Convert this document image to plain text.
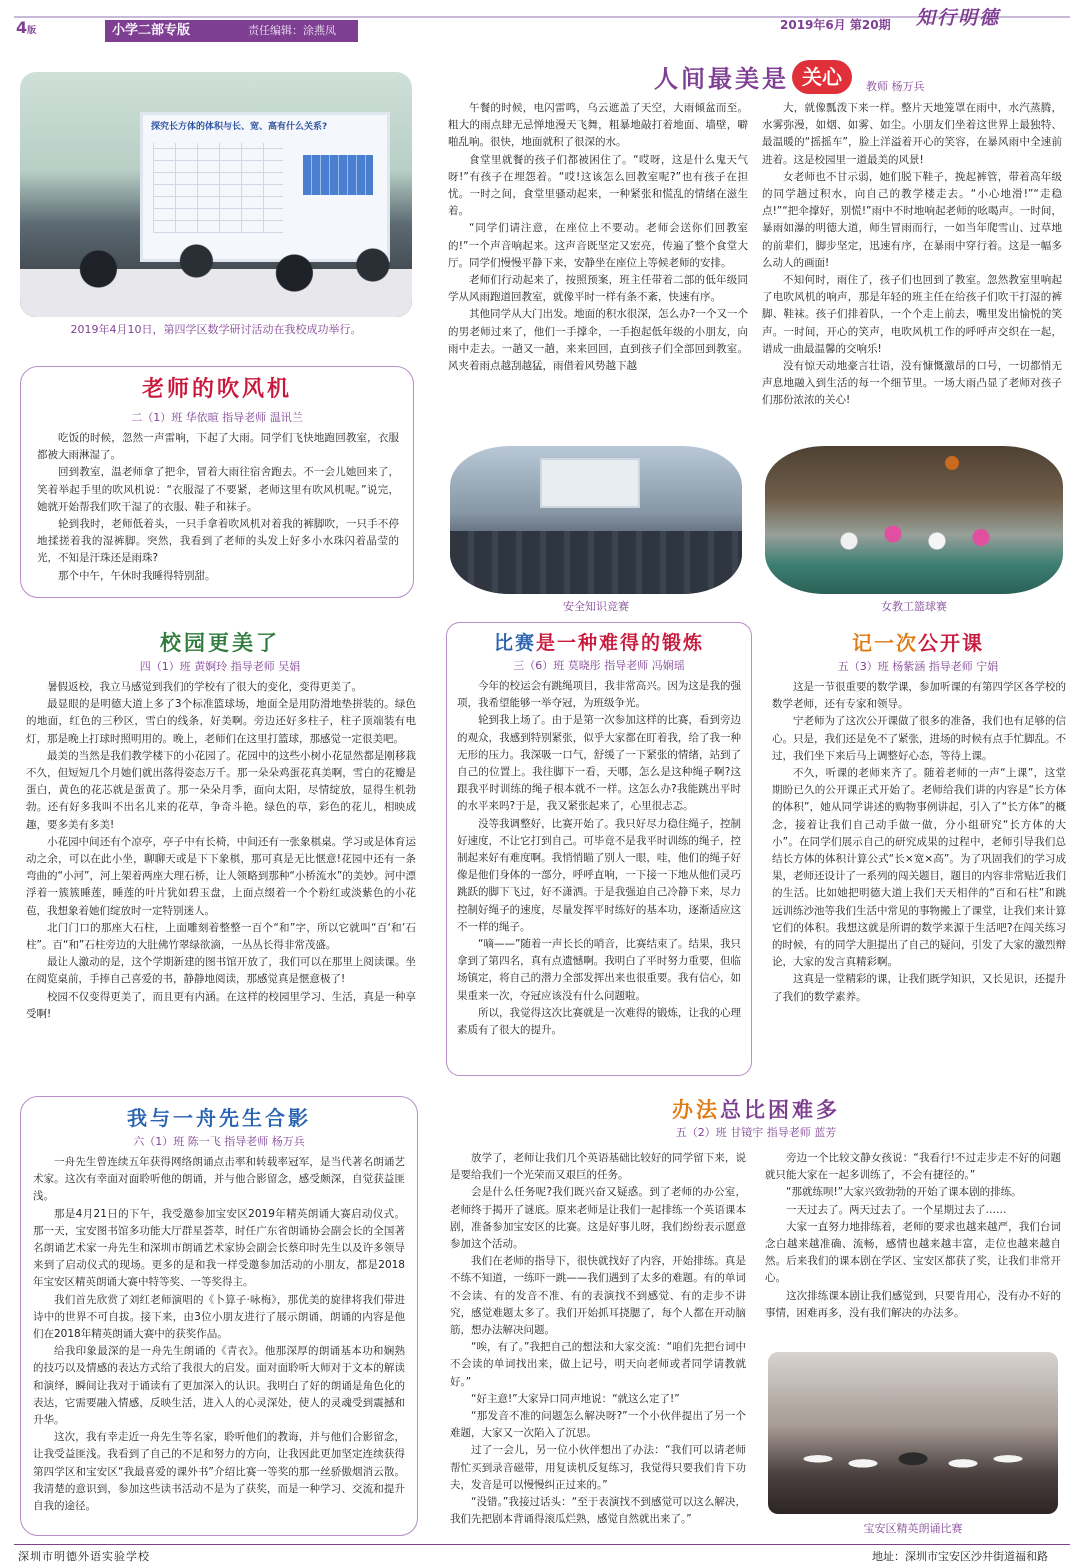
4版	小学二部专版	责任编辑：涂燕凤	2019年6月 第20期 知行明德
探究长方体的体积与长、宽、高有什么关系?
2019年4月10日，第四学区数学研讨活动在我校成功举行。
老师的吹风机
二（1）班 华依暄 指导老师 温讯兰

吃饭的时候，忽然一声雷响，下起了大雨。同学们飞快地跑回教室，衣服都被大雨淋湿了。

回到教室，温老师拿了把伞，冒着大雨往宿舍跑去。不一会儿她回来了，笑着举起手里的吹风机说：“衣服湿了不要紧，老师这里有吹风机呢。”说完，她就开始帮我们吹干湿了的衣服、鞋子和袜子。

轮到我时，老师低着头，一只手拿着吹风机对着我的裤脚吹，一只手不停地揉搓着我的湿裤脚。突然，我看到了老师的头发上好多小水珠闪着晶莹的光，不知是汗珠还是雨珠?

那个中午，午休时我睡得特别甜。

人间最美是 关心	教师 杨万兵

午餐的时候，电闪雷鸣，乌云遮盖了天空，大雨倾盆而至。粗大的雨点肆无忌惮地漫天飞舞，粗暴地敲打着地面、墙壁，噼啪乱响。很快，地面就积了很深的水。

食堂里就餐的孩子们都被困住了。“哎呀，这是什么鬼天气呀!”有孩子在埋怨着。“哎!这该怎么回教室呢?”也有孩子在担忧。一时之间，食堂里骚动起来，一种紧张和慌乱的情绪在滋生着。

“同学们请注意，在座位上不要动。老师会送你们回教室的!”一个声音响起来。这声音既坚定又宏亮，传遍了整个食堂大厅。同学们慢慢平静下来，安静坐在座位上等候老师的安排。

老师们行动起来了，按照预案，班主任带着二部的低年级同学从风雨跑道回教室，就像平时一样有条不紊，快速有序。

其他同学从大门出发。地面的积水很深，怎么办?一个又一个的男老师过来了，他们一手撑伞，一手抱起低年级的小朋友，向雨中走去。一趟又一趟，来来回回，直到孩子们全部回到教室。风夹着雨点越刮越猛，雨借着风势越下越

大，就像瓢泼下来一样。整片天地笼罩在雨中，水汽蒸腾，水雾弥漫，如烟、如雾、如尘。小朋友们坐着这世界上最独特、最温暖的“摇摇车”，脸上洋溢着开心的笑容，在暴风雨中全速前进着。这是校园里一道最美的风景!

女老师也不甘示弱，她们脱下鞋子，挽起裤管，带着高年级的同学趟过积水，向自己的教学楼走去。“小心地滑!”“走稳点!”“把伞撑好，别慌!”雨中不时地响起老师的吆喝声。一时间，暴雨如瀑的明德大道，师生冒雨而行，一如当年爬雪山、过草地的前辈们，脚步坚定，迅速有序，在暴雨中穿行着。这是一幅多么动人的画面!

不知何时，雨住了，孩子们也回到了教室。忽然教室里响起了电吹风机的响声，那是年轻的班主任在给孩子们吹干打湿的裤脚、鞋袜。孩子们排着队，一个个走上前去，嘴里发出愉悦的笑声。一时间，开心的笑声，电吹风机工作的呼呼声交织在一起，谱成一曲最温馨的交响乐!

没有惊天动地豪言壮语，没有慷慨激昂的口号，一切都悄无声息地融入到生活的每一个细节里。一场大雨凸显了老师对孩子们那份浓浓的关心!

安全知识竞赛	女教工篮球赛
校园更美了
四（1）班 黄婀玲 指导老师 吴娟

暑假返校，我立马感觉到我们的学校有了很大的变化，变得更美了。

最显眼的是明德大道上多了3个标准篮球场，地面全是用防滑地垫拼装的。绿色的地面，红色的三秒区，雪白的线条，好美啊。旁边还好多柱子，柱子顶端装有电灯，那是晚上打球时照明用的。晚上，老师们在这里打篮球，那感觉一定很美吧。

最美的当然是我们教学楼下的小花园了。花园中的这些小树小花显然都是刚移栽不久，但短短几个月她们就出落得姿态万千。那一朵朵鸡蛋花真美啊，雪白的花瓣是蛋白，黄色的花芯就是蛋黄了。那一朵朵月季，面向太阳，尽情绽放，显得生机勃勃。还有好多我叫不出名儿来的花草，争奇斗艳。绿色的草，彩色的花儿，相映成趣，要多美有多美!

小花园中间还有个凉亭，亭子中有长椅，中间还有一张象棋桌。学习或是体育运动之余，可以在此小坐，聊聊天或是下下象棋，那可真是无比惬意!花园中还有一条弯曲的“小河”，河上架着两座大理石桥，让人领略到那种“小桥流水”的美妙。河中漂浮着一簇簇睡莲，睡莲的叶片犹如碧玉盘，上面点缀着一个个粉红或淡紫色的小花苞，我想象着她们绽放时一定特别迷人。

北门门口的那座大石柱，上面雕刻着整整一百个“和”字，所以它就叫“百‘和’石柱”。百“和”石柱旁边的大肚佛竹翠绿欲滴，一丛丛长得非常茂盛。

最让人激动的是，这个学期新建的图书馆开放了，我们可以在那里上阅读课。坐在阅览桌前，手捧自己喜爱的书，静静地阅读，那感觉真是惬意极了!

校园不仅变得更美了，而且更有内涵。在这样的校园里学习、生活，真是一种享受啊!

比赛是一种难得的锻炼
三（6）班 莫晓彤 指导老师 冯娴瑶

今年的校运会有跳绳项目，我非常高兴。因为这是我的强项，我希望能够一举夺冠，为班级争光。

轮到我上场了。由于是第一次参加这样的比赛，看到旁边的观众，我感到特别紧张，似乎大家都在盯着我，给了我一种无形的压力。我深吸一口气，舒缓了一下紧张的情绪，站到了自己的位置上。我往脚下一看，天哪，怎么是这种绳子啊?这跟我平时训练的绳子根本就不一样。这怎么办?我能跳出平时的水平来吗?于是，我又紧张起来了，心里很忐忑。

没等我调整好，比赛开始了。我只好尽力稳住绳子，控制好速度，不让它打到自己。可毕竟不是我平时训练的绳子，控制起来好有难度啊。我悄悄瞄了别人一眼，哇，他们的绳子好像是他们身体的一部分，呼呼直响，一下接一下地从他们灵巧跳跃的脚下飞过，好不潇洒。于是我强迫自己冷静下来，尽力控制好绳子的速度，尽量发挥平时练好的基本功，逐渐适应这不一样的绳子。

“嘀——”随着一声长长的哨音，比赛结束了。结果，我只拿到了第四名，真有点遗憾啊。我明白了平时努力重要，但临场镇定，将自己的潜力全部发挥出来也很重要。我有信心，如果重来一次，夺冠应该没有什么问题啦。

所以，我觉得这次比赛就是一次难得的锻炼，让我的心理素质有了很大的提升。

记一次公开课
五（3）班 杨紫涵 指导老师 宁娟

这是一节很重要的数学课，参加听课的有第四学区各学校的数学老师，还有专家和领导。

宁老师为了这次公开课做了很多的准备，我们也有足够的信心。只是，我们还是免不了紧张，进场的时候有点手忙脚乱。不过，我们坐下来后马上调整好心态，等待上课。

不久，听课的老师来齐了。随着老师的一声“上课”，这堂期盼已久的公开课正式开始了。老师给我们讲的内容是“长方体的体积”，她从同学讲述的购物事例讲起，引入了“长方体”的概念，接着让我们自己动手做一做，分小组研究“长方体的大小”。在同学们展示自己的研究成果的过程中，老师引导我们总结长方体的体积计算公式“长×宽×高”。为了巩固我们的学习成果，老师还设计了一系列的闯关题目，题目的内容非常贴近我们的生活。比如她把明德大道上我们天天相伴的“百和石柱”和跳远训练沙池等我们生活中常见的事物搬上了课堂，让我们来计算它们的体积。我想这就是所谓的数学来源于生活吧?在闯关练习的时候，有的同学大胆提出了自己的疑问，引发了大家的激烈辩论，大家的发言真精彩啊。

这真是一堂精彩的课，让我们既学知识，又长见识，还提升了我们的数学素养。

我与一舟先生合影
六（1）班 陈一飞 指导老师 杨万兵

一舟先生曾连续五年获得网络朗诵点击率和转载率冠军，是当代著名朗诵艺术家。这次有幸面对面聆听他的朗诵，并与他合影留念，感受颇深，自觉获益匪浅。

那是4月21日的下午，我受邀参加宝安区2019年精英朗诵大赛启动仪式。那一天，宝安图书馆多功能大厅群星荟萃，时任广东省朗诵协会副会长的全国著名朗诵艺术家一舟先生和深圳市朗诵艺术家协会副会长蔡印时先生以及许多领导来到了启动仪式的现场。更多的是和我一样受邀参加活动的小朋友，都是2018年宝安区精英朗诵大赛中特等奖、一等奖得主。

我们首先欣赏了刘红老师演唱的《卜算子·咏梅》，那优美的旋律将我们带进诗中的世界不可自拔。接下来，由3位小朋友进行了展示朗诵，朗诵的内容是他们在2018年精英朗诵大赛中的获奖作品。

给我印象最深的是一舟先生朗诵的《青衣》。他那深厚的朗诵基本功和娴熟的技巧以及情感的表达方式给了我很大的启发。面对面聆听大师对于文本的解读和演绎，瞬间让我对于诵读有了更加深入的认识。我明白了好的朗诵是角色化的表达，它需要融入情感，反映生活，进入人的心灵深处，使人的灵魂受到震撼和升华。

这次，我有幸走近一舟先生等名家，聆听他们的教诲，并与他们合影留念，让我受益匪浅。我看到了自己的不足和努力的方向，让我因此更加坚定连续获得第四学区和宝安区“我最喜爱的课外书”介绍比赛一等奖的那一丝骄傲烟消云散。我清楚的意识到，参加这些读书活动不是为了获奖，而是一种学习、交流和提升自我的途径。

办法总比困难多
五（2）班 甘镜宇 指导老师 蓝芳

放学了，老师让我们几个英语基础比较好的同学留下来，说是要给我们一个光荣而又艰巨的任务。

会是什么任务呢?我们既兴奋又疑惑。到了老师的办公室，老师终于揭开了谜底。原来老师是让我们一起排练一个英语课本剧，准备参加宝安区的比赛。这是好事儿呀，我们纷纷表示愿意参加这个活动。

我们在老师的指导下，很快就找好了内容，开始排练。真是不练不知道，一练吓一跳——我们遇到了太多的难题。有的单词不会读、有的发音不准、有的表演找不到感觉、有的走步不讲究，感觉难题太多了。我们开始抓耳挠腮了，每个人都在开动脑筋，想办法解决问题。

“唉，有了。”我把自己的想法和大家交流：“咱们先把台词中不会读的单词找出来，做上记号，明天向老师或者同学请教就好。”

“好主意!”大家异口同声地说：“就这么定了!”

“那发音不准的问题怎么解决呀?”一个小伙伴提出了另一个难题，大家又一次陷入了沉思。

过了一会儿，另一位小伙伴想出了办法：“我们可以请老师帮忙买到录音磁带，用复读机反复练习，我觉得只要我们肯下功夫，发音是可以慢慢纠正过来的。”

“没错。”我接过话头：“至于表演找不到感觉可以这么解决，我们先把剧本背诵得滚瓜烂熟，感觉自然就出来了。”

旁边一个比较文静女孩说：“我看行!不过走步走不好的问题就只能大家在一起多训练了，不会有捷径的。”

“那就练呗!”大家兴致勃勃的开始了课本剧的排练。

一天过去了。两天过去了。一个星期过去了……

大家一直努力地排练着，老师的要求也越来越严，我们台词念白越来越准确、流畅，感情也越来越丰富，走位也越来越自然。后来我们的课本剧在学区、宝安区都获了奖，让我们非常开心。

这次排练课本剧让我们感觉到，只要肯用心，没有办不好的事情，困难再多，没有我们解决的办法多。

宝安区精英朗诵比赛
深圳市明德外语实验学校	地址：深圳市宝安区沙井街道福和路
